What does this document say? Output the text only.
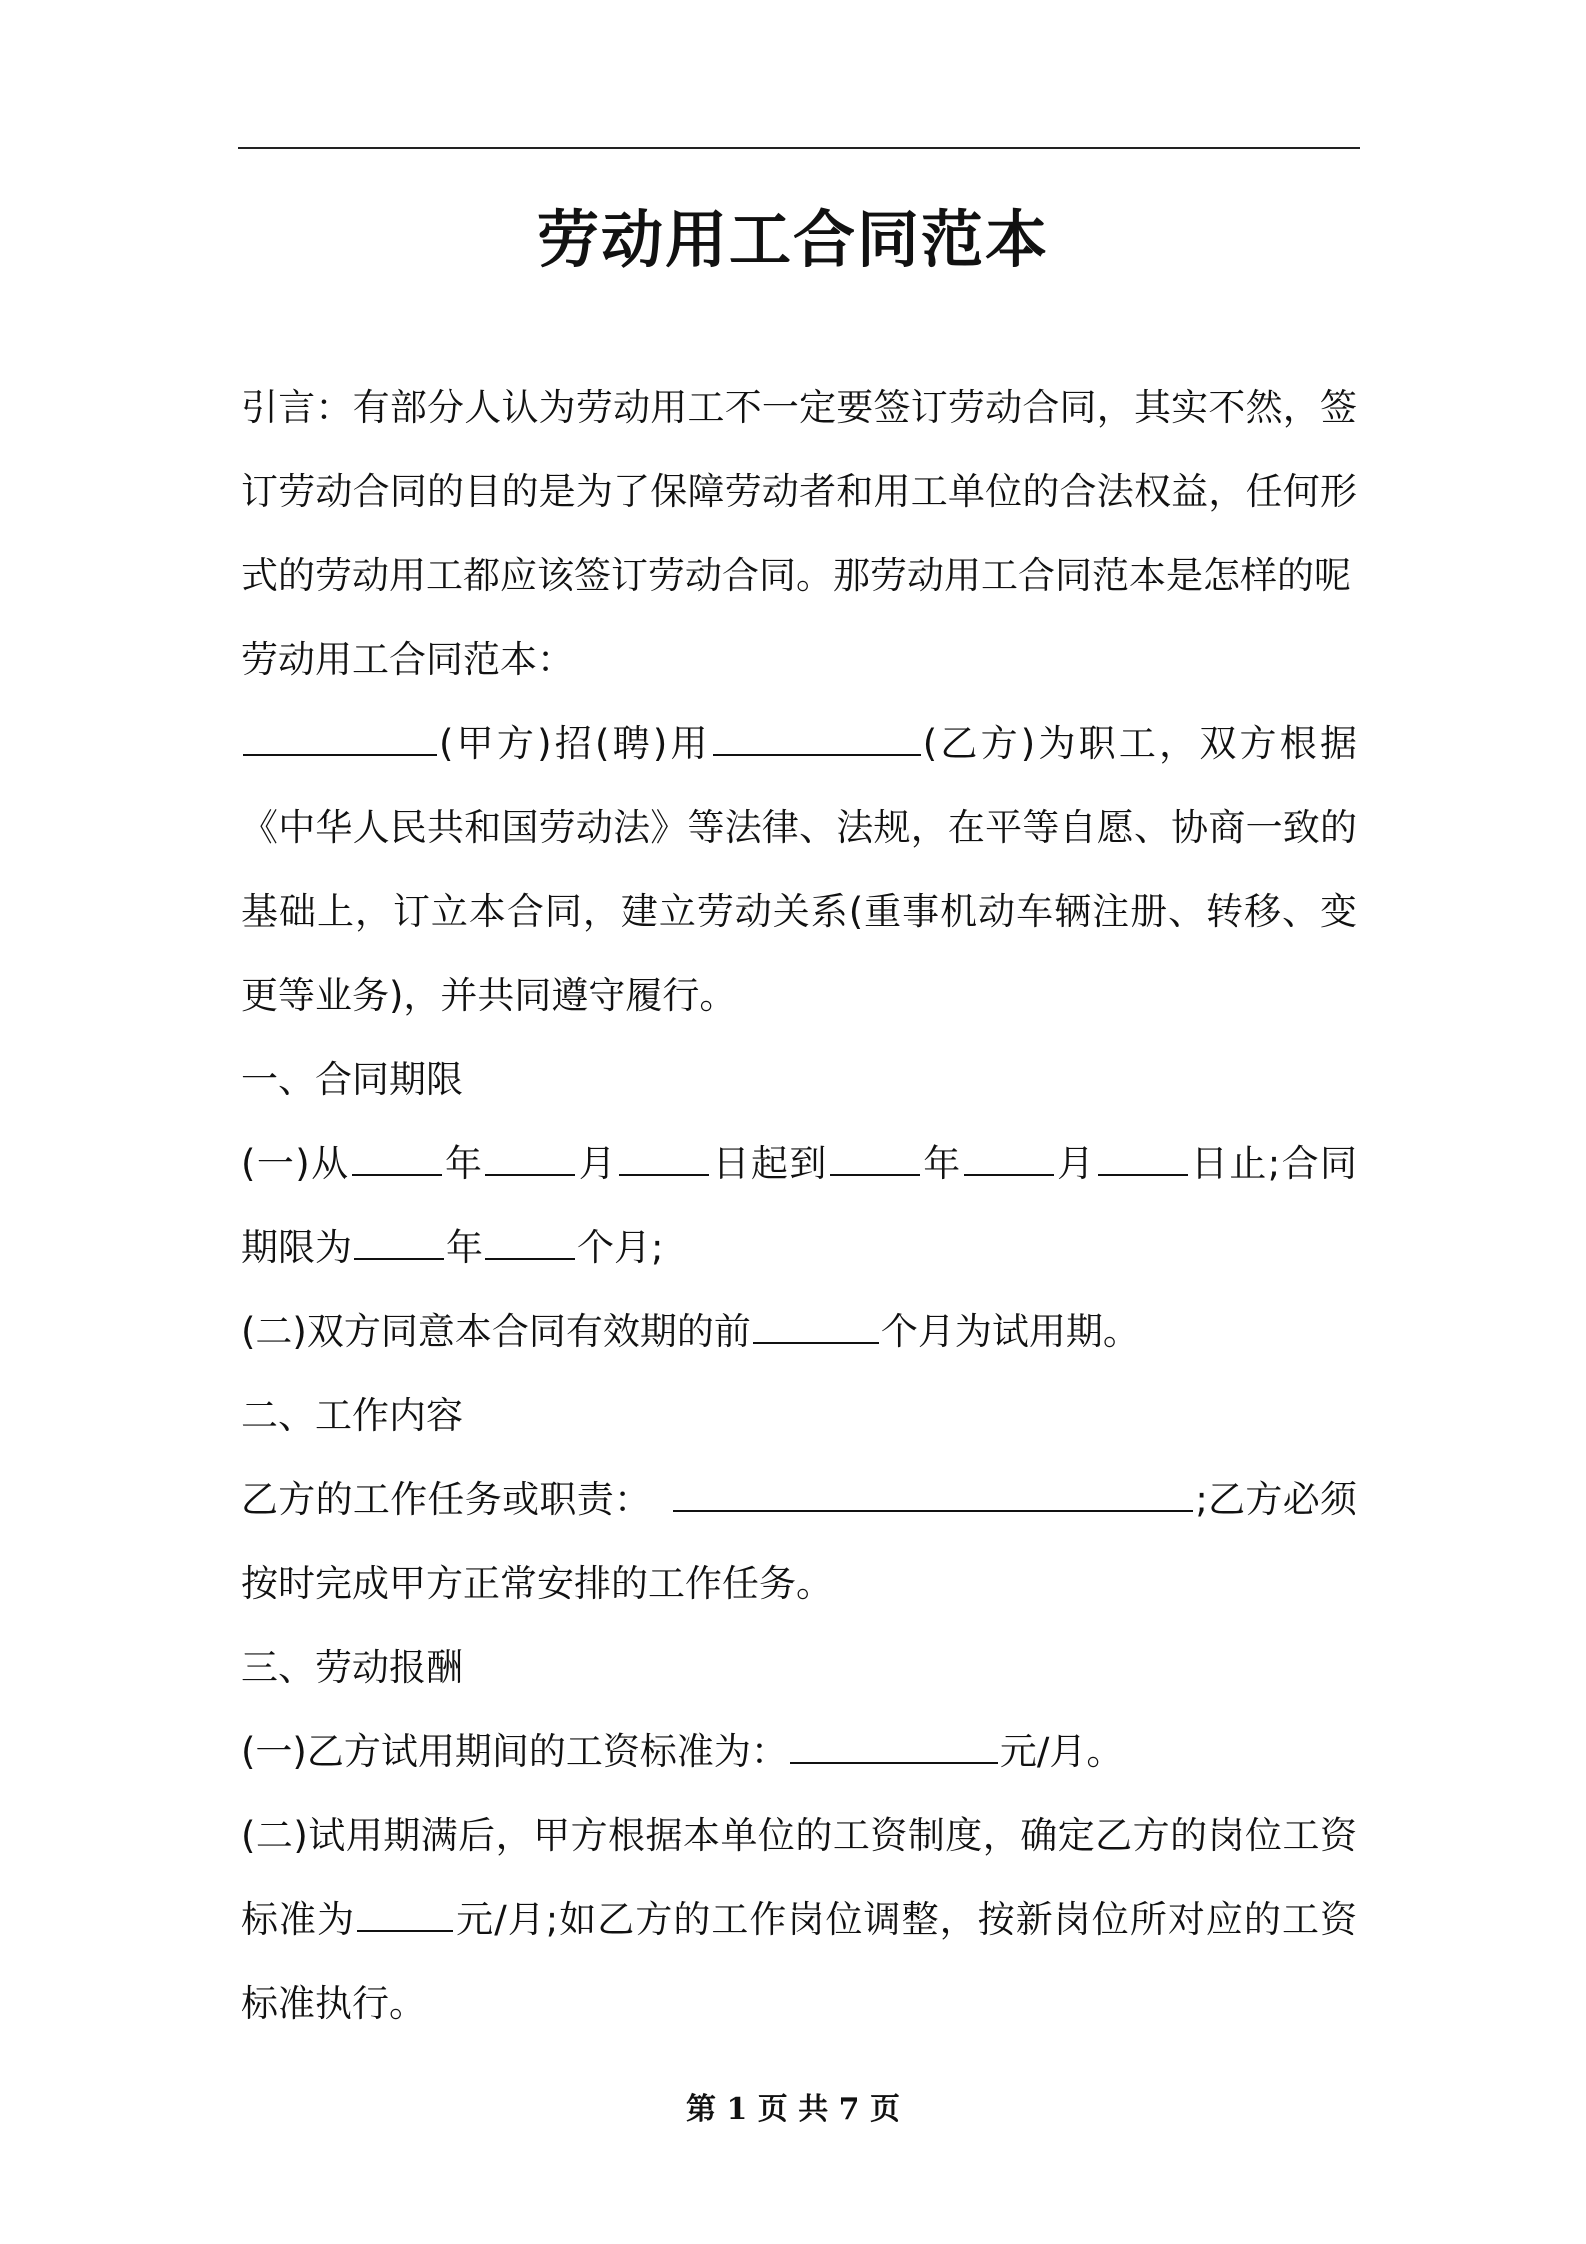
劳动用工合同范本

引言：有部分人认为劳动用工不一定要签订劳动合同，其实不然，签订劳动合同的目的是为了保障劳动者和用工单位的合法权益，任何形式的劳动用工都应该签订劳动合同。那劳动用工合同范本是怎样的呢

劳动用工合同范本：

(甲方)招(聘)用	(乙方)为职工，双方根据《中华人民共和国劳动法》等法律、法规，在平等自愿、协商一致的基础上，订立本合同，建立劳动关系(重事机动车辆注册、转移、变更等业务)，并共同遵守履行。

一、合同期限

(一)从	年	月	日起到	年	月	日止;合同期限为	年	个月;

(二)双方同意本合同有效期的前	个月为试用期。

二、工作内容

乙方的工作任务或职责：	;乙方必须按时完成甲方正常安排的工作任务。

三、劳动报酬

(一)乙方试用期间的工资标准为：	元/月。

(二)试用期满后，甲方根据本单位的工资制度，确定乙方的岗位工资标准为	元/月;如乙方的工作岗位调整，按新岗位所对应的工资标准执行。

第 1 页 共 7 页
